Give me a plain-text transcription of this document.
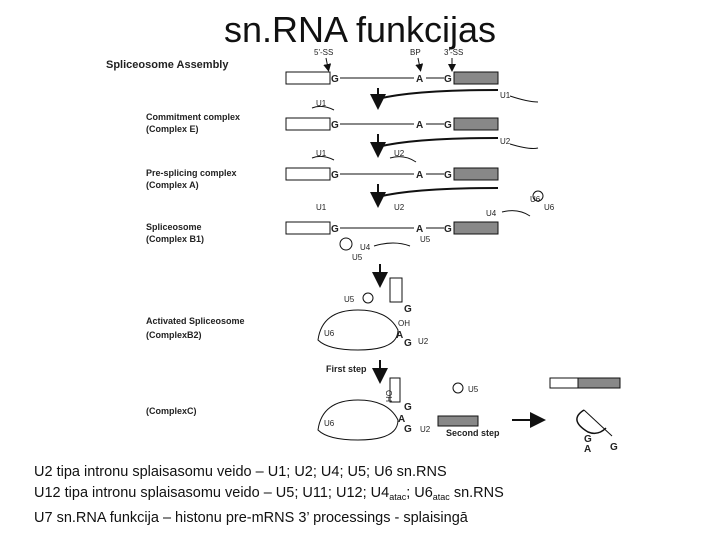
sn.RNA funkcijas
Spliceosome Assembly
5'-SS	BP	3'-SS
G	A G
U1
Commitment complex
(Complex E)
U1
G	A G
U2
Pre-splicing complex
(Complex A)
U1	U2
G	A G
U4
U6
U6
Spliceosome
(Complex B1)
U1	U2
G	A G
U4
U5
U5
Activated Spliceosome
(ComplexB2)
U5
G
OH
U6	A
G U2
First step
(ComplexC)
HO
U5
U6
G
A
G U2 Second step
G
A G

U2 tipa intronu splaisasomu veido – U1; U2; U4; U5; U6 sn.RNS

U12 tipa intronu splaisasomu veido – U5; U11; U12; $U4_{atac}$; $U6_{atac}$ sn.RNS

U7 sn.RNA funkcija – histonu pre-mRNS 3’ processings - splaisingā
